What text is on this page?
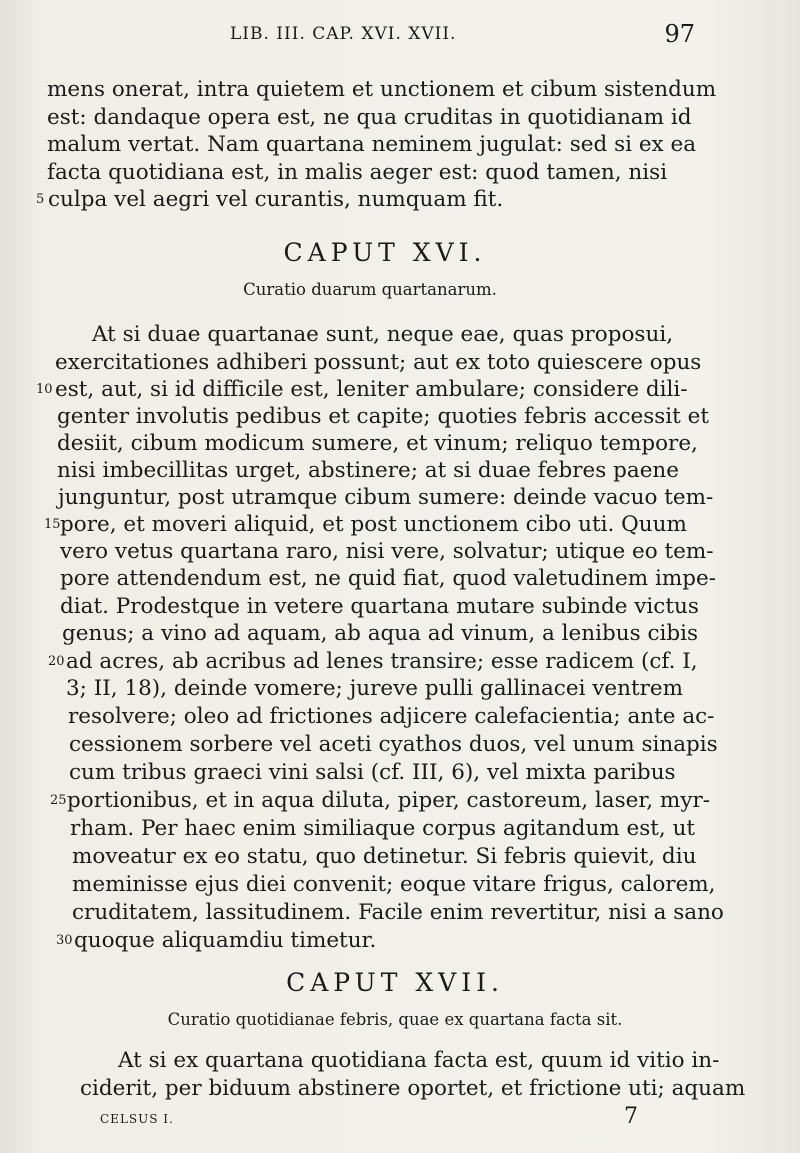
LIB. III. CAP. XVI. XVII.	97
mens onerat, intra quietem et unctionem et cibum sistendum
est: dandaque opera est, ne qua cruditas in quotidianam id
malum vertat. Nam quartana neminem jugulat: sed si ex ea
facta quotidiana est, in malis aeger est: quod tamen, nisi
5 culpa vel aegri vel curantis, numquam fit.
CAPUT XVI.
Curatio duarum quartanarum.
At si duae quartanae sunt, neque eae, quas proposui,
exercitationes adhiberi possunt; aut ex toto quiescere opus
10 est, aut, si id difficile est, leniter ambulare; considere dili-
genter involutis pedibus et capite; quoties febris accessit et
desiit, cibum modicum sumere, et vinum; reliquo tempore,
nisi imbecillitas urget, abstinere; at si duae febres paene
junguntur, post utramque cibum sumere: deinde vacuo tem-
15 pore, et moveri aliquid, et post unctionem cibo uti. Quum
vero vetus quartana raro, nisi vere, solvatur; utique eo tem-
pore attendendum est, ne quid fiat, quod valetudinem impe-
diat. Prodestque in vetere quartana mutare subinde victus
genus; a vino ad aquam, ab aqua ad vinum, a lenibus cibis
20 ad acres, ab acribus ad lenes transire; esse radicem (cf. I,
3; II, 18), deinde vomere; jureve pulli gallinacei ventrem
resolvere; oleo ad frictiones adjicere calefacientia; ante ac-
cessionem sorbere vel aceti cyathos duos, vel unum sinapis
cum tribus graeci vini salsi (cf. III, 6), vel mixta paribus
25 portionibus, et in aqua diluta, piper, castoreum, laser, myr-
rham. Per haec enim similiaque corpus agitandum est, ut
moveatur ex eo statu, quo detinetur. Si febris quievit, diu
meminisse ejus diei convenit; eoque vitare frigus, calorem,
cruditatem, lassitudinem. Facile enim revertitur, nisi a sano
30 quoque aliquamdiu timetur.
CAPUT XVII.
Curatio quotidianae febris, quae ex quartana facta sit.
At si ex quartana quotidiana facta est, quum id vitio in-
ciderit, per biduum abstinere oportet, et frictione uti; aquam
CELSUS I.	7
